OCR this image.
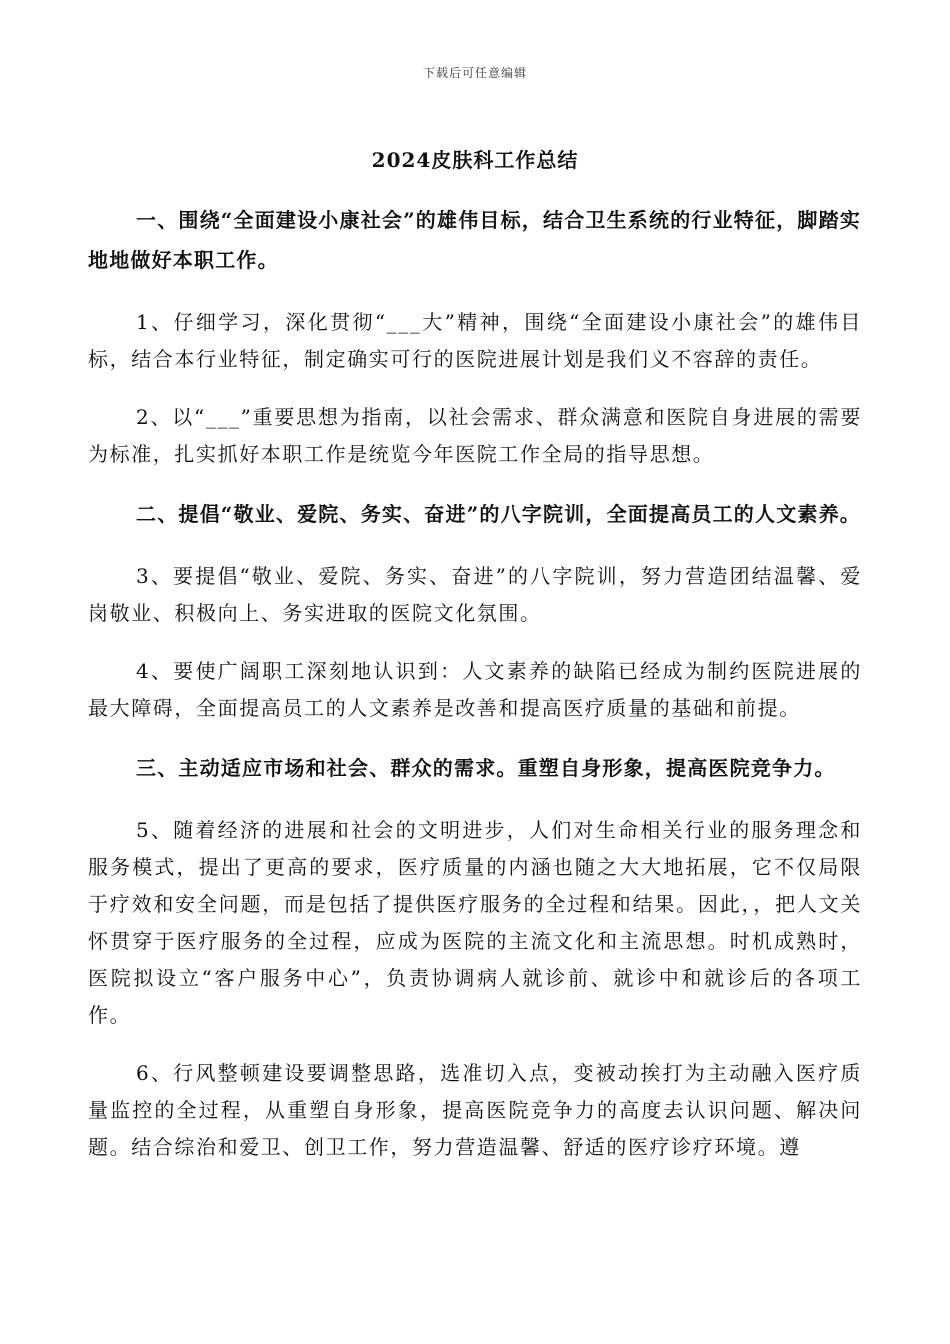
下载后可任意编辑
2024皮肤科工作总结

一、围绕“全面建设小康社会”的雄伟目标，结合卫生系统的行业特征，脚踏实地地做好本职工作。

1、仔细学习，深化贯彻“___大”精神，围绕“全面建设小康社会”的雄伟目标，结合本行业特征，制定确实可行的医院进展计划是我们义不容辞的责任。

2、以“___”重要思想为指南，以社会需求、群众满意和医院自身进展的需要为标准，扎实抓好本职工作是统览今年医院工作全局的指导思想。

二、提倡“敬业、爱院、务实、奋进”的八字院训，全面提高员工的人文素养。

3、要提倡“敬业、爱院、务实、奋进”的八字院训，努力营造团结温馨、爱岗敬业、积极向上、务实进取的医院文化氛围。

4、要使广阔职工深刻地认识到：人文素养的缺陷已经成为制约医院进展的最大障碍，全面提高员工的人文素养是改善和提高医疗质量的基础和前提。

三、主动适应市场和社会、群众的需求。重塑自身形象，提高医院竞争力。

5、随着经济的进展和社会的文明进步，人们对生命相关行业的服务理念和服务模式，提出了更高的要求，医疗质量的内涵也随之大大地拓展，它不仅局限于疗效和安全问题，而是包括了提供医疗服务的全过程和结果。因此，，把人文关怀贯穿于医疗服务的全过程，应成为医院的主流文化和主流思想。时机成熟时，医院拟设立“客户服务中心”，负责协调病人就诊前、就诊中和就诊后的各项工作。

6、行风整顿建设要调整思路，选准切入点，变被动挨打为主动融入医疗质量监控的全过程，从重塑自身形象，提高医院竞争力的高度去认识问题、解决问题。结合综治和爱卫、创卫工作，努力营造温馨、舒适的医疗诊疗环境。遵
